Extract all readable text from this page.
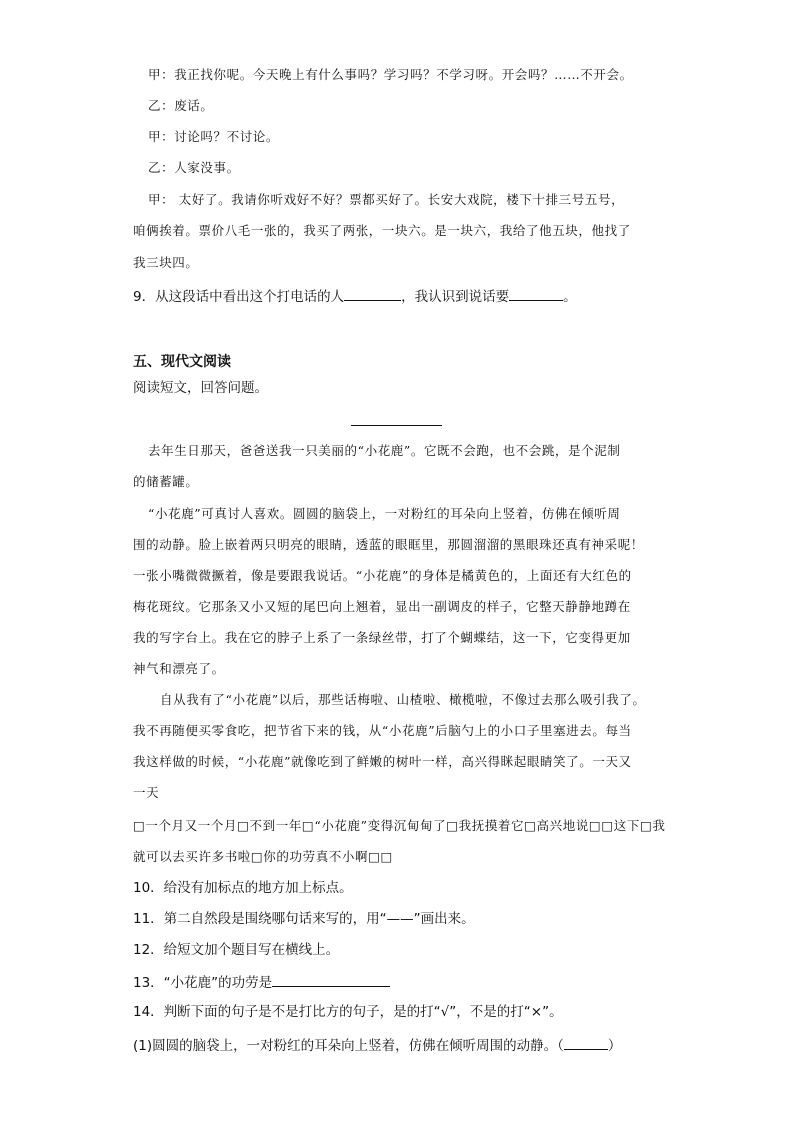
甲：我正找你呢。今天晚上有什么事吗？学习吗？不学习呀。开会吗？……不开会。
乙：废话。
甲：讨论吗？不讨论。
乙：人家没事。
甲： 太好了。我请你听戏好不好？票都买好了。长安大戏院，楼下十排三号五号，
咱俩挨着。票价八毛一张的，我买了两张，一块六。是一块六，我给了他五块，他找了
我三块四。
9．从这段话中看出这个打电话的人	，我认识到说话要	。
五、现代文阅读
阅读短文，回答问题。
去年生日那天，爸爸送我一只美丽的“小花鹿”。它既不会跑，也不会跳，是个泥制
的储蓄罐。
“小花鹿”可真讨人喜欢。圆圆的脑袋上，一对粉红的耳朵向上竖着，仿佛在倾听周
围的动静。脸上嵌着两只明亮的眼睛，透蓝的眼眶里，那圆溜溜的黑眼珠还真有神采呢！
一张小嘴微微撅着，像是要跟我说话。“小花鹿”的身体是橘黄色的，上面还有大红色的
梅花斑纹。它那条又小又短的尾巴向上翘着，显出一副调皮的样子，它整天静静地蹲在
我的写字台上。我在它的脖子上系了一条绿丝带，打了个蝴蝶结，这一下，它变得更加
神气和漂亮了。
自从我有了“小花鹿”以后，那些话梅啦、山楂啦、橄榄啦，不像过去那么吸引我了。
我不再随便买零食吃，把节省下来的钱，从“小花鹿”后脑勺上的小口子里塞进去。每当
我这样做的时候，“小花鹿”就像吃到了鲜嫩的树叶一样，高兴得眯起眼睛笑了。一天又
一天
□一个月又一个月□不到一年□“小花鹿”变得沉甸甸了□我抚摸着它□高兴地说□□这下□我
就可以去买许多书啦□你的功劳真不小啊□□
10．给没有加标点的地方加上标点。
11．第二自然段是围绕哪句话来写的，用“——”画出来。
12．给短文加个题目写在横线上。
13．“小花鹿”的功劳是
14．判断下面的句子是不是打比方的句子，是的打“√”，不是的打“×”。
(1)圆圆的脑袋上，一对粉红的耳朵向上竖着，仿佛在倾听周围的动静。（	）
